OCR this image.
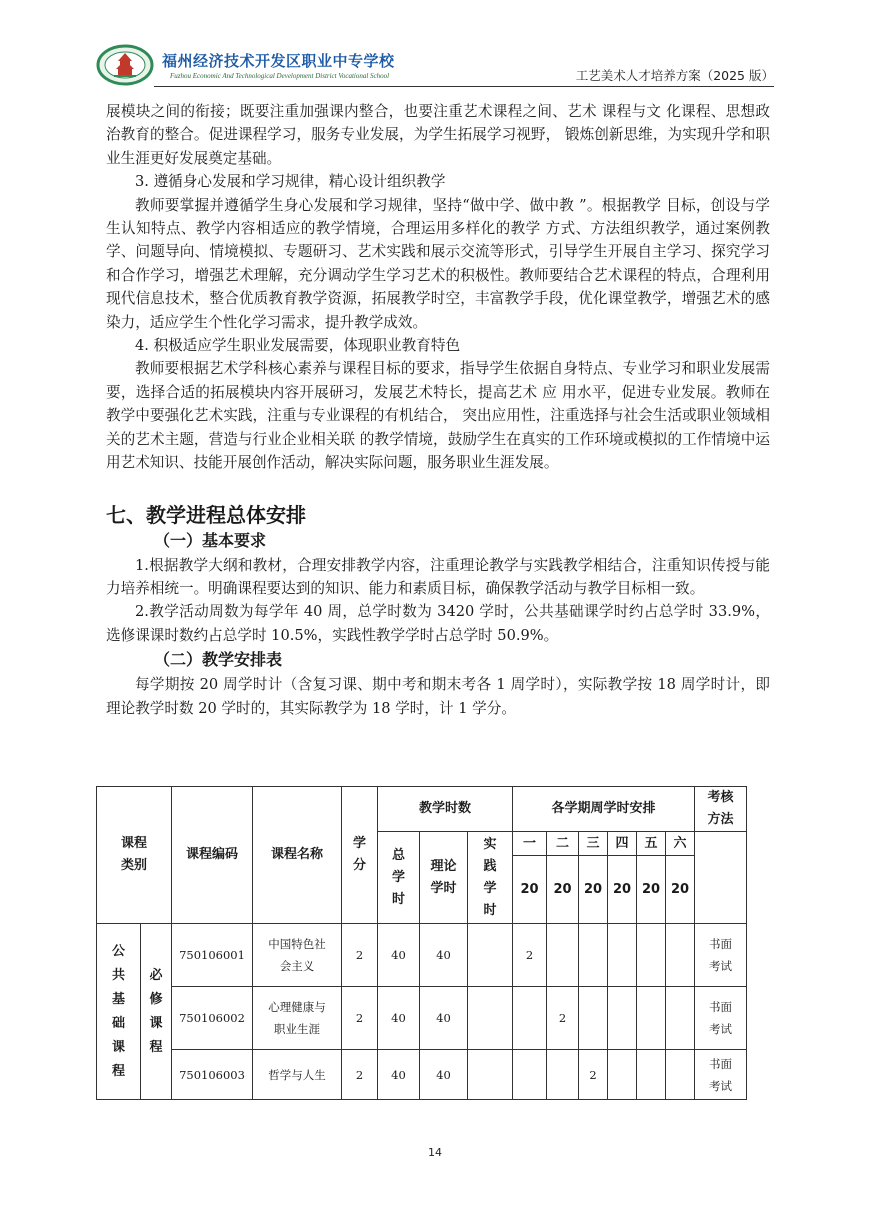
福州经济技术开发区职业中专学校
Fuzhou Economic And Technological Development District Vocational School	工艺美术人才培养方案（2025 版）

展模块之间的衔接；既要注重加强课内整合，也要注重艺术课程之间、艺术 课程与文 化课程、思想政治教育的整合。促进课程学习，服务专业发展，为学生拓展学习视野， 锻炼创新思维，为实现升学和职业生涯更好发展奠定基础。

3. 遵循身心发展和学习规律，精心设计组织教学

教师要掌握并遵循学生身心发展和学习规律，坚持“做中学、做中教 ”。根据教学 目标，创设与学生认知特点、教学内容相适应的教学情境，合理运用多样化的教学 方式、方法组织教学，通过案例教学、问题导向、情境模拟、专题研习、艺术实践和展示交流等形式，引导学生开展自主学习、探究学习和合作学习，增强艺术理解，充分调动学生学习艺术的积极性。教师要结合艺术课程的特点，合理利用现代信息技术，整合优质教育教学资源，拓展教学时空，丰富教学手段，优化课堂教学，增强艺术的感染力，适应学生个性化学习需求，提升教学成效。

4. 积极适应学生职业发展需要，体现职业教育特色

教师要根据艺术学科核心素养与课程目标的要求，指导学生依据自身特点、专业学习和职业发展需要，选择合适的拓展模块内容开展研习，发展艺术特长，提高艺术 应 用水平，促进专业发展。教师在教学中要强化艺术实践，注重与专业课程的有机结合， 突出应用性，注重选择与社会生活或职业领域相关的艺术主题，营造与行业企业相关联 的教学情境，鼓励学生在真实的工作环境或模拟的工作情境中运用艺术知识、技能开展创作活动，解决实际问题，服务职业生涯发展。

七、教学进程总体安排
（一）基本要求

1.根据教学大纲和教材，合理安排教学内容，注重理论教学与实践教学相结合，注重知识传授与能力培养相统一。明确课程要达到的知识、能力和素质目标，确保教学活动与教学目标相一致。

2.教学活动周数为每学年 40 周，总学时数为 3420 学时，公共基础课学时约占总学时 33.9%，选修课课时数约占总学时 10.5%，实践性教学学时占总学时 50.9%。

（二）教学安排表

每学期按 20 周学时计（含复习课、期中考和期末考各 1 周学时），实际教学按 18 周学时计，即理论教学时数 20 学时的，其实际教学为 18 学时，计 1 学分。

课程类别		课程编码	课程名称	学分	教学时数			各学期周学时安排						考核方法

					总学时	理论学时	实践学时	一	二	三	四	五	六	
								20	20	20	20	20	20	

公共基础课程	必修课程	750106001	中国特色社会主义	2	40	40		2						书面考试

		750106002	心理健康与职业生涯	2	40	40			2					书面考试

		750106003	哲学与人生	2	40	40				2				书面考试
14
